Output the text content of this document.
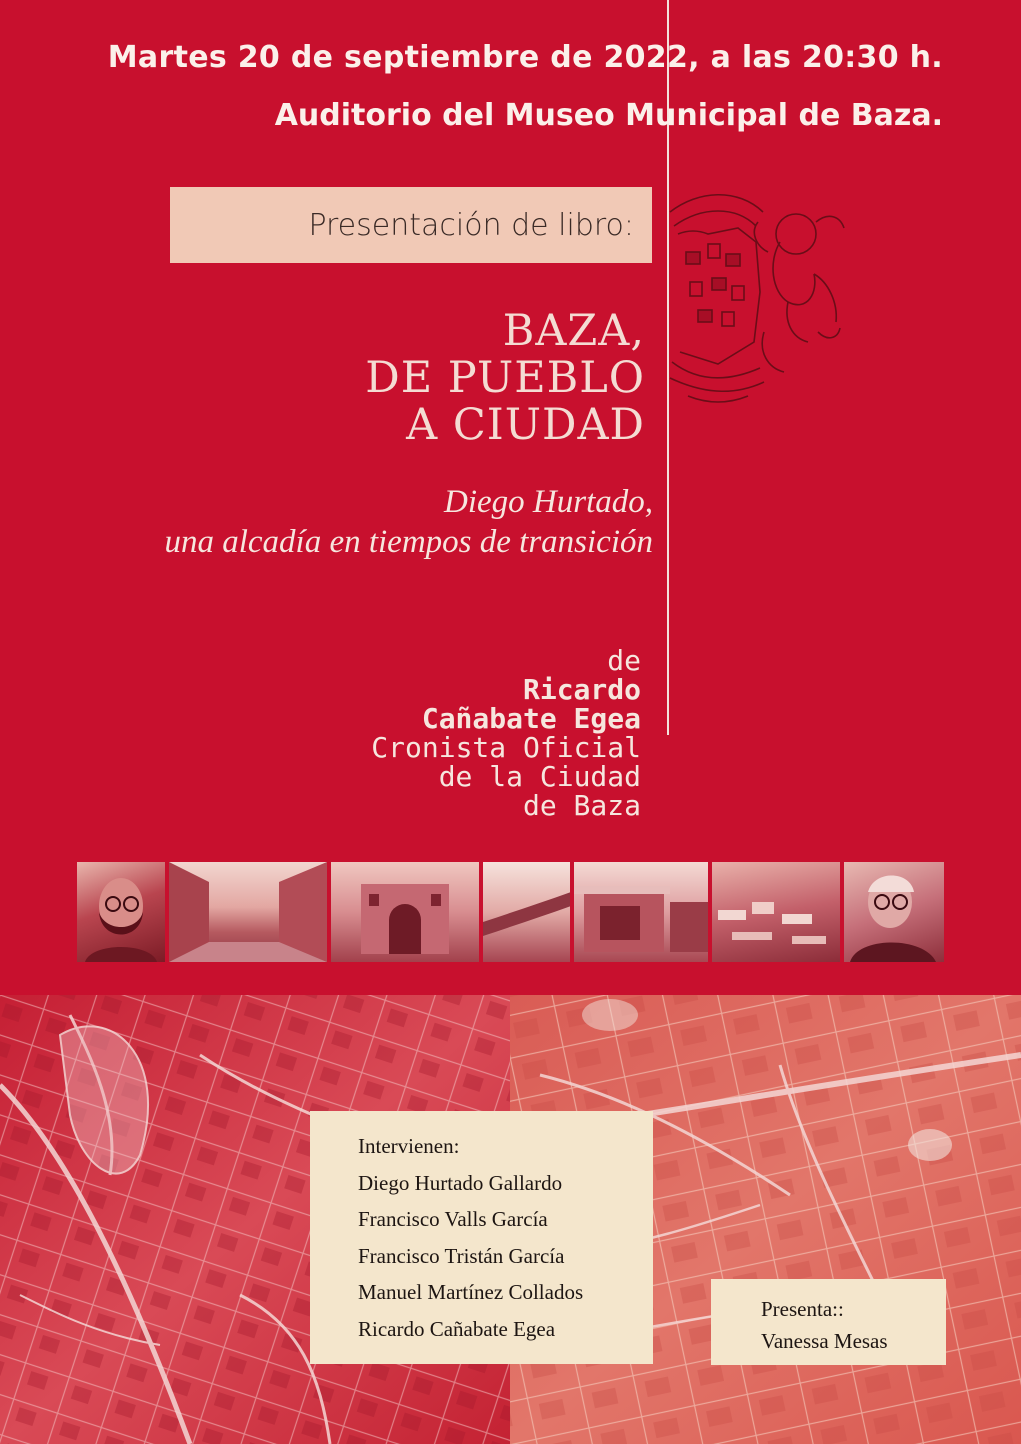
Martes 20 de septiembre de 2022, a las 20:30 h.
Auditorio del Museo Municipal de Baza.
Presentación de libro:
BAZA,
DE PUEBLO
A CIUDAD
Diego Hurtado,
una alcadía en tiempos de transición
de
Ricardo
Cañabate Egea
Cronista Oficial
de la Ciudad
de Baza
Intervienen:
Diego Hurtado Gallardo
Francisco Valls García
Francisco Tristán García
Manuel Martínez Collados
Ricardo Cañabate Egea
Presenta::
Vanessa Mesas
